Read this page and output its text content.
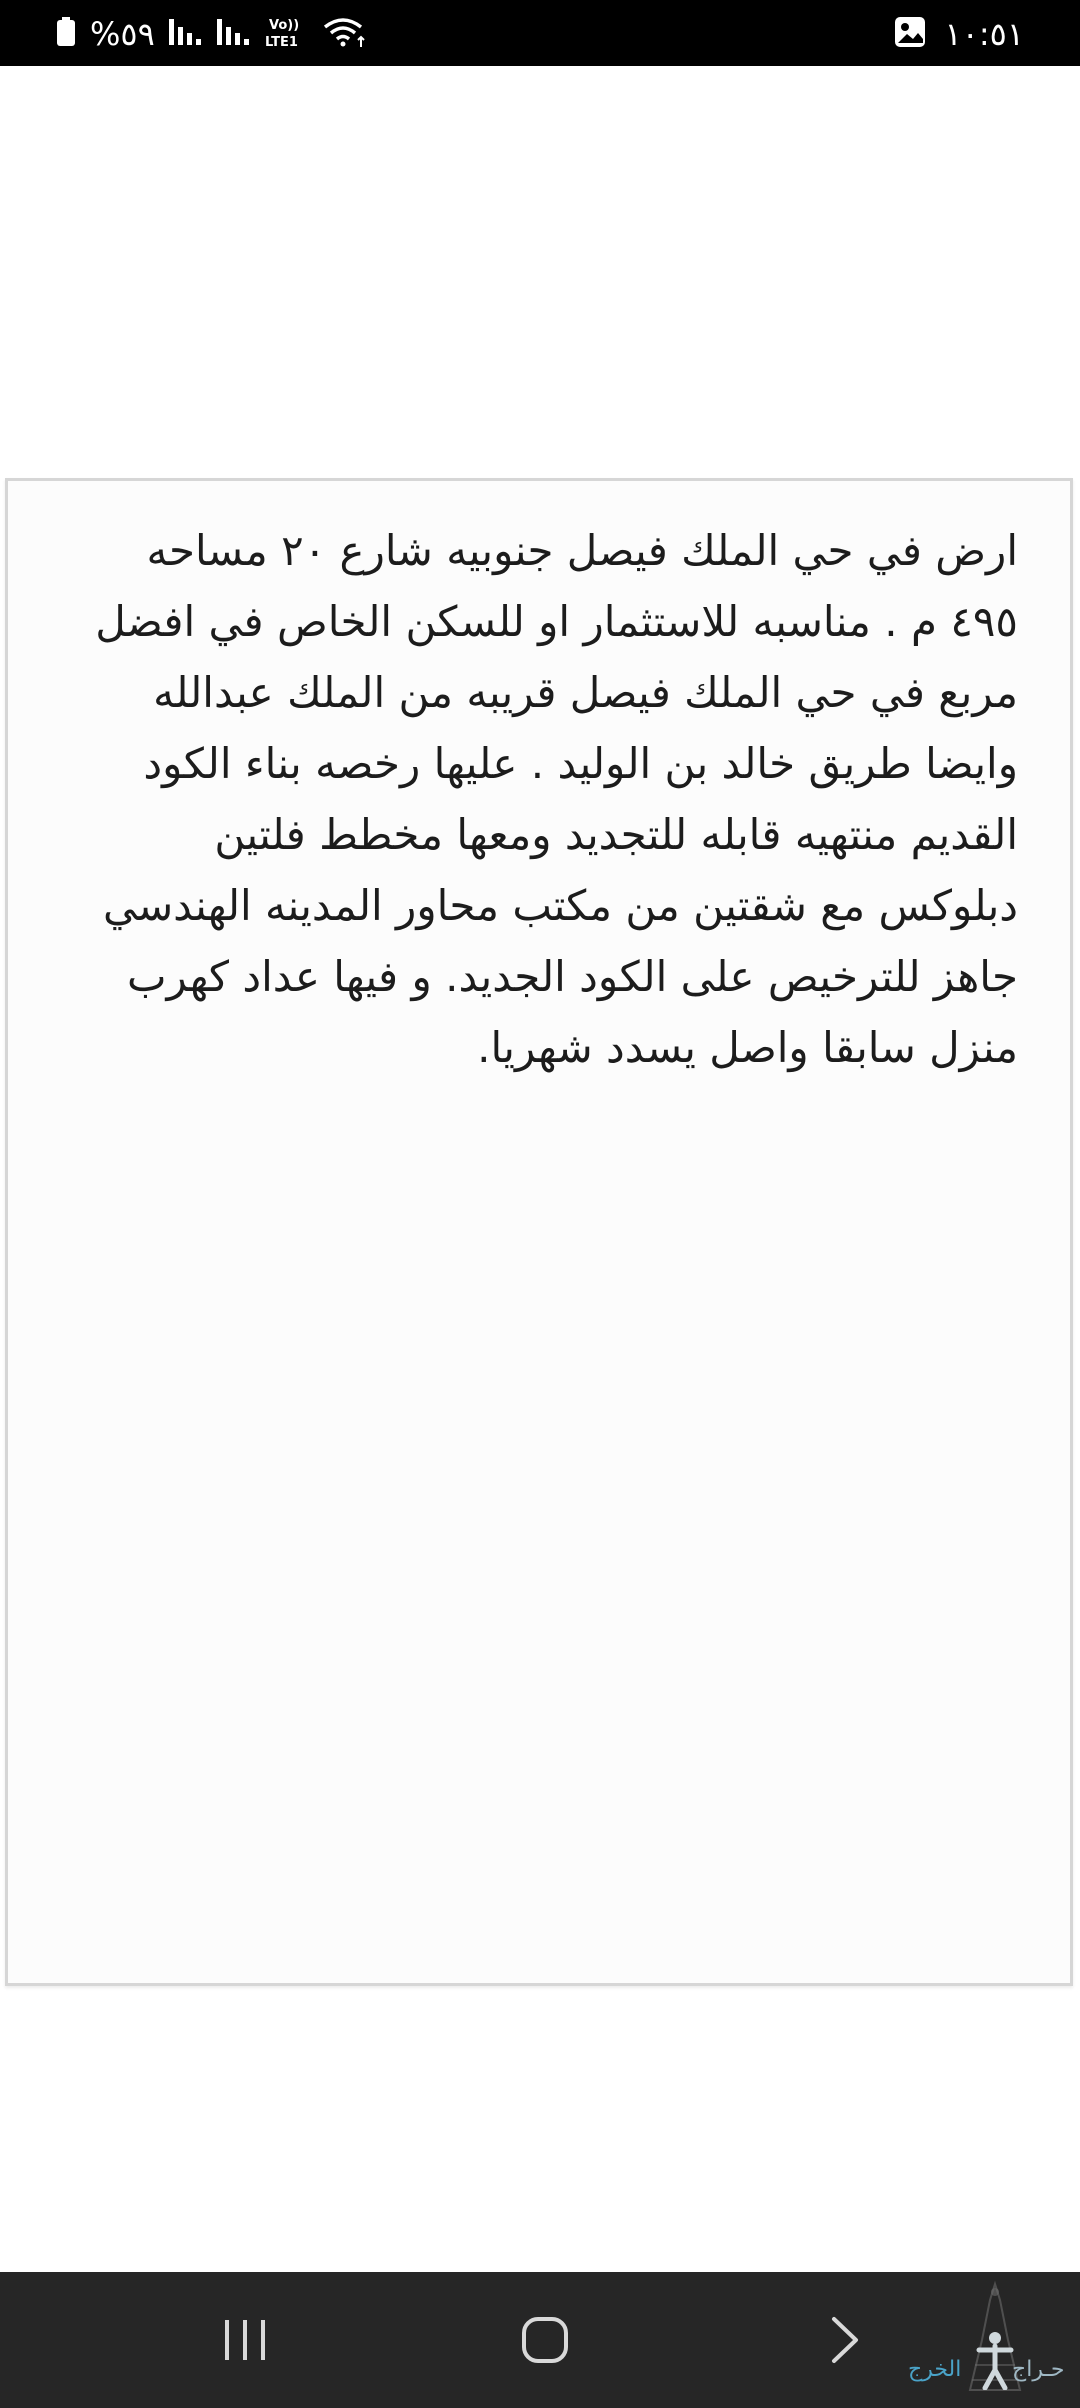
%٥٩	Vo))
LTE1	١٠:٥١

ارض في حي الملك فيصل جنوبيه شارع ٢٠ مساحه ٤٩٥ م . مناسبه للاستثمار او للسكن الخاص في افضل مربع في حي الملك فيصل قريبه من الملك عبدالله وايضا طريق خالد بن الوليد . عليها رخصه بناء الكود القديم منتهيه قابله للتجديد ومعها مخطط فلتين دبلوكس مع شقتين من مكتب محاور المدينه الهندسي جاهز للترخيص على الكود الجديد. و فيها عداد كهرب منزل سابقا واصل يسدد شهريا.

الخرج حـراج
